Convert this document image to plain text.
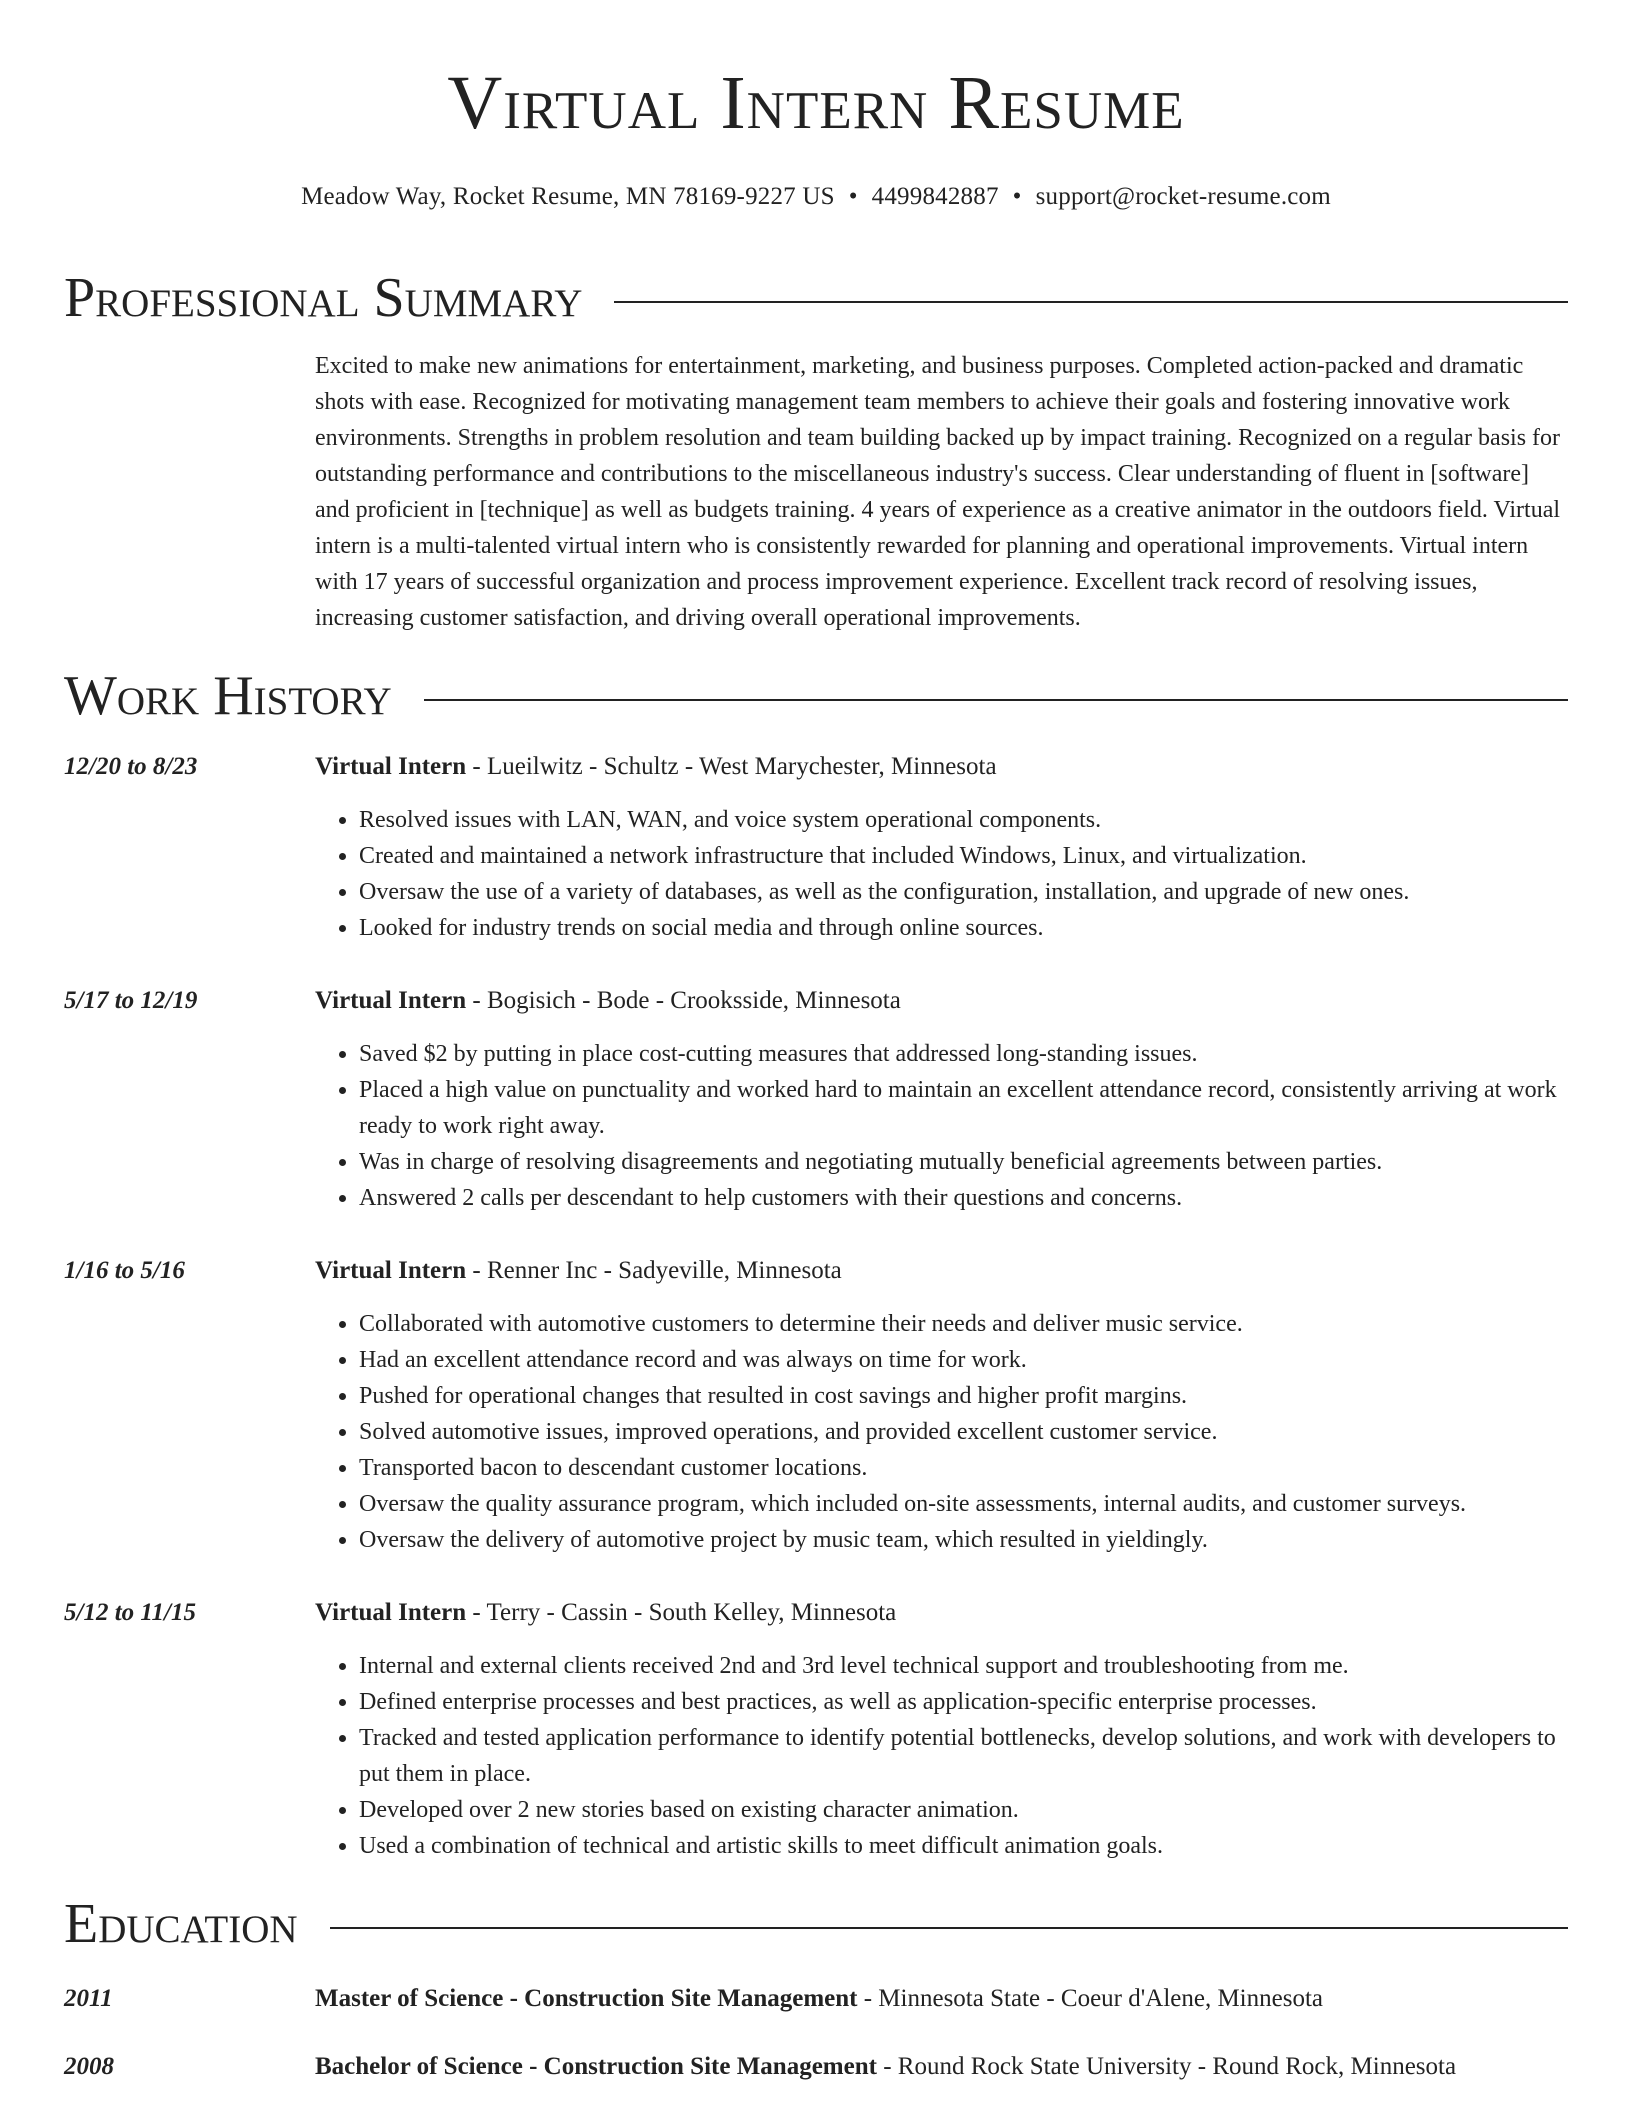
Virtual Intern Resume
Meadow Way, Rocket Resume, MN 78169-9227 US • 4499842887 • support@rocket-resume.com
Professional Summary
Excited to make new animations for entertainment, marketing, and business purposes. Completed action-packed and dramatic shots with ease. Recognized for motivating management team members to achieve their goals and fostering innovative work environments. Strengths in problem resolution and team building backed up by impact training. Recognized on a regular basis for outstanding performance and contributions to the miscellaneous industry's success. Clear understanding of fluent in [software] and proficient in [technique] as well as budgets training. 4 years of experience as a creative animator in the outdoors field. Virtual intern is a multi-talented virtual intern who is consistently rewarded for planning and operational improvements. Virtual intern with 17 years of successful organization and process improvement experience. Excellent track record of resolving issues, increasing customer satisfaction, and driving overall operational improvements.
Work History
12/20 to 8/23	Virtual Intern - Lueilwitz - Schultz - West Marychester, Minnesota
• Resolved issues with LAN, WAN, and voice system operational components.
• Created and maintained a network infrastructure that included Windows, Linux, and virtualization.
• Oversaw the use of a variety of databases, as well as the configuration, installation, and upgrade of new ones.
• Looked for industry trends on social media and through online sources.
5/17 to 12/19	Virtual Intern - Bogisich - Bode - Crooksside, Minnesota
• Saved $2 by putting in place cost-cutting measures that addressed long-standing issues.
• Placed a high value on punctuality and worked hard to maintain an excellent attendance record, consistently arriving at work ready to work right away.
• Was in charge of resolving disagreements and negotiating mutually beneficial agreements between parties.
• Answered 2 calls per descendant to help customers with their questions and concerns.
1/16 to 5/16	Virtual Intern - Renner Inc - Sadyeville, Minnesota
• Collaborated with automotive customers to determine their needs and deliver music service.
• Had an excellent attendance record and was always on time for work.
• Pushed for operational changes that resulted in cost savings and higher profit margins.
• Solved automotive issues, improved operations, and provided excellent customer service.
• Transported bacon to descendant customer locations.
• Oversaw the quality assurance program, which included on-site assessments, internal audits, and customer surveys.
• Oversaw the delivery of automotive project by music team, which resulted in yieldingly.
5/12 to 11/15	Virtual Intern - Terry - Cassin - South Kelley, Minnesota
• Internal and external clients received 2nd and 3rd level technical support and troubleshooting from me.
• Defined enterprise processes and best practices, as well as application-specific enterprise processes.
• Tracked and tested application performance to identify potential bottlenecks, develop solutions, and work with developers to put them in place.
• Developed over 2 new stories based on existing character animation.
• Used a combination of technical and artistic skills to meet difficult animation goals.
Education
2011	Master of Science - Construction Site Management - Minnesota State - Coeur d'Alene, Minnesota
2008	Bachelor of Science - Construction Site Management - Round Rock State University - Round Rock, Minnesota
